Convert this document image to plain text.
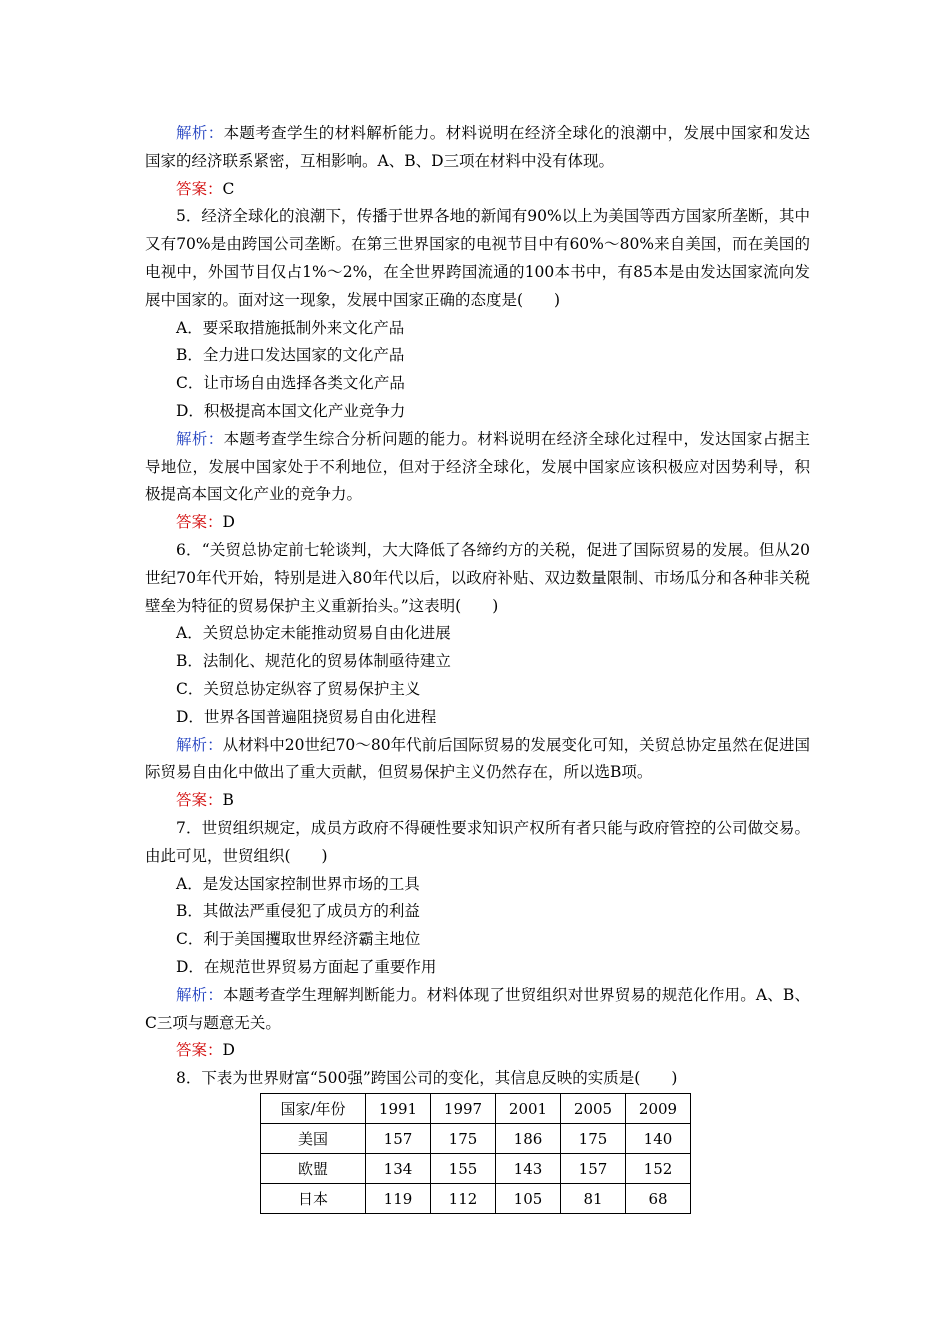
解析：本题考查学生的材料解析能力。材料说明在经济全球化的浪潮中，发展中国家和发达国家的经济联系紧密，互相影响。A、B、D三项在材料中没有体现。

答案：C

5．经济全球化的浪潮下，传播于世界各地的新闻有90%以上为美国等西方国家所垄断，其中又有70%是由跨国公司垄断。在第三世界国家的电视节目中有60%～80%来自美国，而在美国的电视中，外国节目仅占1%～2%，在全世界跨国流通的100本书中，有85本是由发达国家流向发展中国家的。面对这一现象，发展中国家正确的态度是(　　)

A．要采取措施抵制外来文化产品

B．全力进口发达国家的文化产品

C．让市场自由选择各类文化产品

D．积极提高本国文化产业竞争力

解析：本题考查学生综合分析问题的能力。材料说明在经济全球化过程中，发达国家占据主导地位，发展中国家处于不利地位，但对于经济全球化，发展中国家应该积极应对因势利导，积极提高本国文化产业的竞争力。

答案：D

6．“关贸总协定前七轮谈判，大大降低了各缔约方的关税，促进了国际贸易的发展。但从20世纪70年代开始，特别是进入80年代以后，以政府补贴、双边数量限制、市场瓜分和各种非关税壁垒为特征的贸易保护主义重新抬头。”这表明(　　)

A．关贸总协定未能推动贸易自由化进展

B．法制化、规范化的贸易体制亟待建立

C．关贸总协定纵容了贸易保护主义

D．世界各国普遍阻挠贸易自由化进程

解析：从材料中20世纪70～80年代前后国际贸易的发展变化可知，关贸总协定虽然在促进国际贸易自由化中做出了重大贡献，但贸易保护主义仍然存在，所以选B项。

答案：B

7．世贸组织规定，成员方政府不得硬性要求知识产权所有者只能与政府管控的公司做交易。由此可见，世贸组织(　　)

A．是发达国家控制世界市场的工具

B．其做法严重侵犯了成员方的利益

C．利于美国攫取世界经济霸主地位

D．在规范世界贸易方面起了重要作用

解析：本题考查学生理解判断能力。材料体现了世贸组织对世界贸易的规范化作用。A、B、C三项与题意无关。

答案：D

8．下表为世界财富“500强”跨国公司的变化，其信息反映的实质是(　　)

国家/年份	1991	1997	2001	2005	2009
美国	157	175	186	175	140
欧盟	134	155	143	157	152
日本	119	112	105	81	68
